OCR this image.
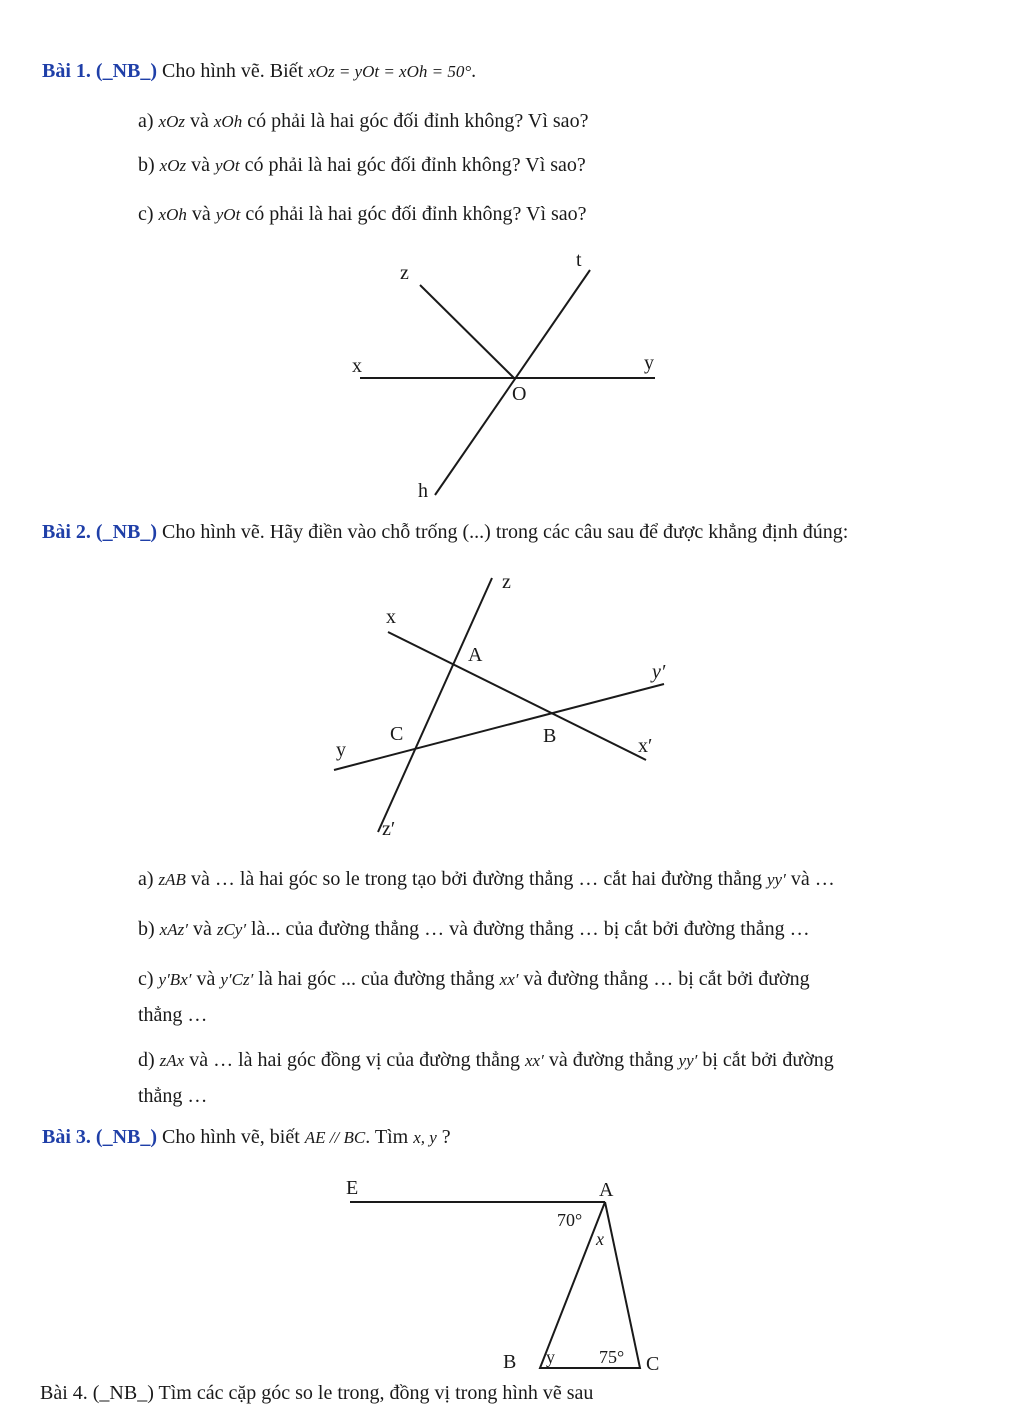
Bài 1. (_NB_) Cho hình vẽ. Biết xOz = yOt = xOh = 50°.
a) xOz và xOh có phải là hai góc đối đỉnh không? Vì sao?
b) xOz và yOt có phải là hai góc đối đỉnh không? Vì sao?
c) xOh và yOt có phải là hai góc đối đỉnh không? Vì sao?
z
t
x	y
O
h
Bài 2. (_NB_) Cho hình vẽ. Hãy điền vào chỗ trống (...) trong các câu sau để được khẳng định đúng:
z
x
A
y′
C	B
y	x′
z′
a) zAB và … là hai góc so le trong tạo bởi đường thẳng … cắt hai đường thẳng yy′ và …
b) xAz′ và zCy′ là... của đường thẳng … và đường thẳng … bị cắt bởi đường thẳng …
c) y′Bx′ và y′Cz′ là hai góc ... của đường thẳng xx′ và đường thẳng … bị cắt bởi đường
thẳng …
d) zAx và … là hai góc đồng vị của đường thẳng xx′ và đường thẳng yy′ bị cắt bởi đường
thẳng …
Bài 3. (_NB_) Cho hình vẽ, biết AE // BC. Tìm x, y ?
E	A
70°
x
B y 75° C
Bài 4. (_NB_) Tìm các cặp góc so le trong, đồng vị trong hình vẽ sau
